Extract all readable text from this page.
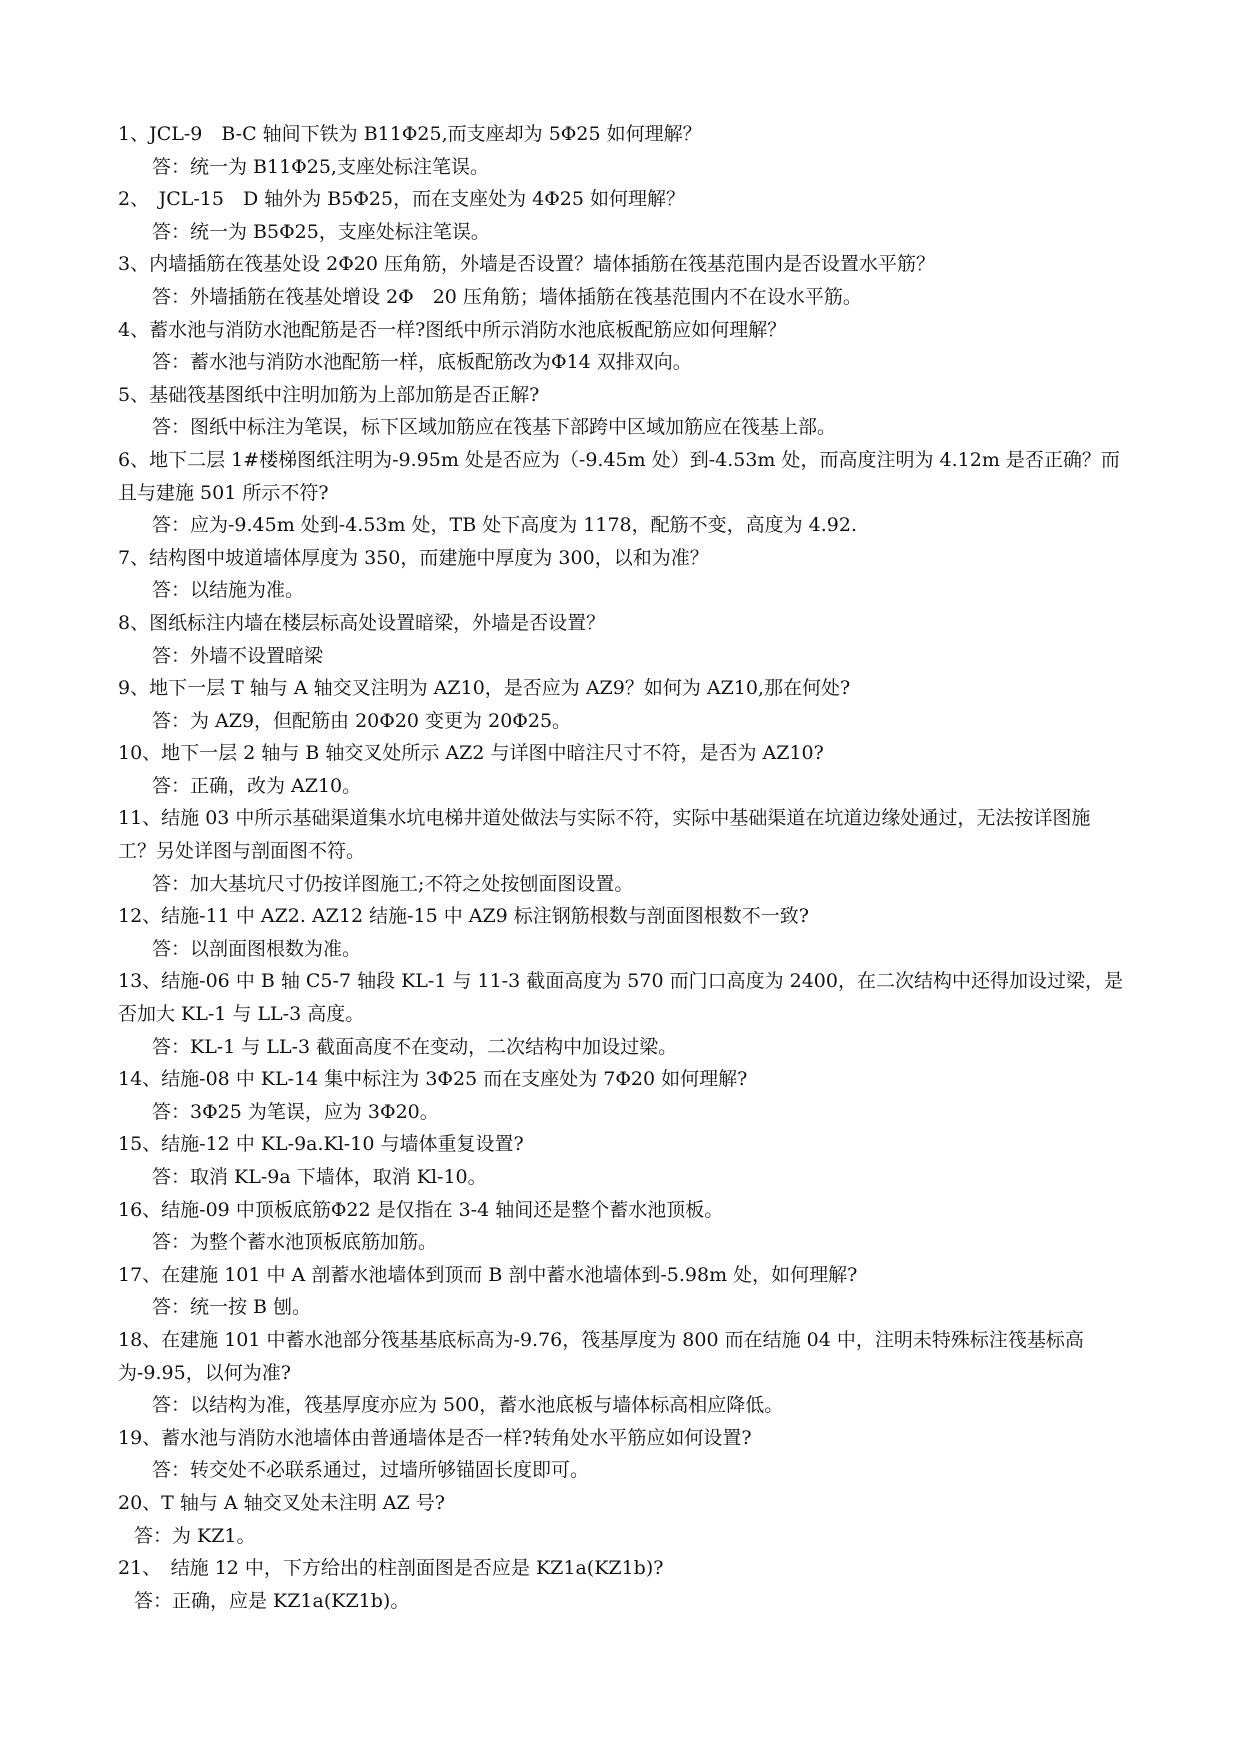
1、JCL-9　B-C 轴间下铁为 B11Φ25,而支座却为 5Φ25 如何理解？
答：统一为 B11Φ25,支座处标注笔误。
2、　JCL-15　D 轴外为 B5Φ25，而在支座处为 4Φ25 如何理解？
答：统一为 B5Φ25，支座处标注笔误。
3、内墙插筋在筏基处设 2Φ20 压角筋，外墙是否设置？墙体插筋在筏基范围内是否设置水平筋？
答：外墙插筋在筏基处增设 2Φ　20 压角筋；墙体插筋在筏基范围内不在设水平筋。
4、蓄水池与消防水池配筋是否一样?图纸中所示消防水池底板配筋应如何理解？
答：蓄水池与消防水池配筋一样，底板配筋改为Φ14 双排双向。
5、基础筏基图纸中注明加筋为上部加筋是否正解?
答：图纸中标注为笔误，标下区域加筋应在筏基下部跨中区域加筋应在筏基上部。
6、地下二层 1#楼梯图纸注明为-9.95m 处是否应为（-9.45m 处）到-4.53m 处，而高度注明为 4.12m 是否正确？而且与建施 501 所示不符?
答：应为-9.45m 处到-4.53m 处，TB 处下高度为 1178，配筋不变，高度为 4.92.
7、结构图中坡道墙体厚度为 350，而建施中厚度为 300，以和为准？
答：以结施为准。
8、图纸标注内墙在楼层标高处设置暗梁，外墙是否设置？
答：外墙不设置暗梁
9、地下一层 T 轴与 A 轴交叉注明为 AZ10，是否应为 AZ9？如何为 AZ10,那在何处?
答：为 AZ9，但配筋由 20Φ20 变更为 20Φ25。
10、地下一层 2 轴与 B 轴交叉处所示 AZ2 与详图中暗注尺寸不符，是否为 AZ10?
答：正确，改为 AZ10。
11、结施 03 中所示基础渠道集水坑电梯井道处做法与实际不符，实际中基础渠道在坑道边缘处通过，无法按详图施工？另处详图与剖面图不符。
答：加大基坑尺寸仍按详图施工;不符之处按刨面图设置。
12、结施-11 中 AZ2. AZ12 结施-15 中 AZ9 标注钢筋根数与剖面图根数不一致?
答：以剖面图根数为准。
13、结施-06 中 B 轴 C5-7 轴段 KL-1 与 11-3 截面高度为 570 而门口高度为 2400，在二次结构中还得加设过梁，是否加大 KL-1 与 LL-3 高度。
答：KL-1 与 LL-3 截面高度不在变动，二次结构中加设过梁。
14、结施-08 中 KL-14 集中标注为 3Φ25 而在支座处为 7Φ20 如何理解?
答：3Φ25 为笔误，应为 3Φ20。
15、结施-12 中 KL-9a.Kl-10 与墙体重复设置?
答：取消 KL-9a 下墙体，取消 Kl-10。
16、结施-09 中顶板底筋Φ22 是仅指在 3-4 轴间还是整个蓄水池顶板。
答：为整个蓄水池顶板底筋加筋。
17、在建施 101 中 A 剖蓄水池墙体到顶而 B 剖中蓄水池墙体到-5.98m 处，如何理解?
答：统一按 B 刨。
18、在建施 101 中蓄水池部分筏基基底标高为-9.76，筏基厚度为 800 而在结施 04 中，注明未特殊标注筏基标高为-9.95，以何为准?
答：以结构为准，筏基厚度亦应为 500，蓄水池底板与墙体标高相应降低。
19、蓄水池与消防水池墙体由普通墙体是否一样?转角处水平筋应如何设置?
答：转交处不必联系通过，过墙所够锚固长度即可。
20、T 轴与 A 轴交叉处未注明 AZ 号?
答：为 KZ1。
21、　结施 12 中，下方给出的柱剖面图是否应是 KZ1a(KZ1b)?
答：正确，应是 KZ1a(KZ1b)。
